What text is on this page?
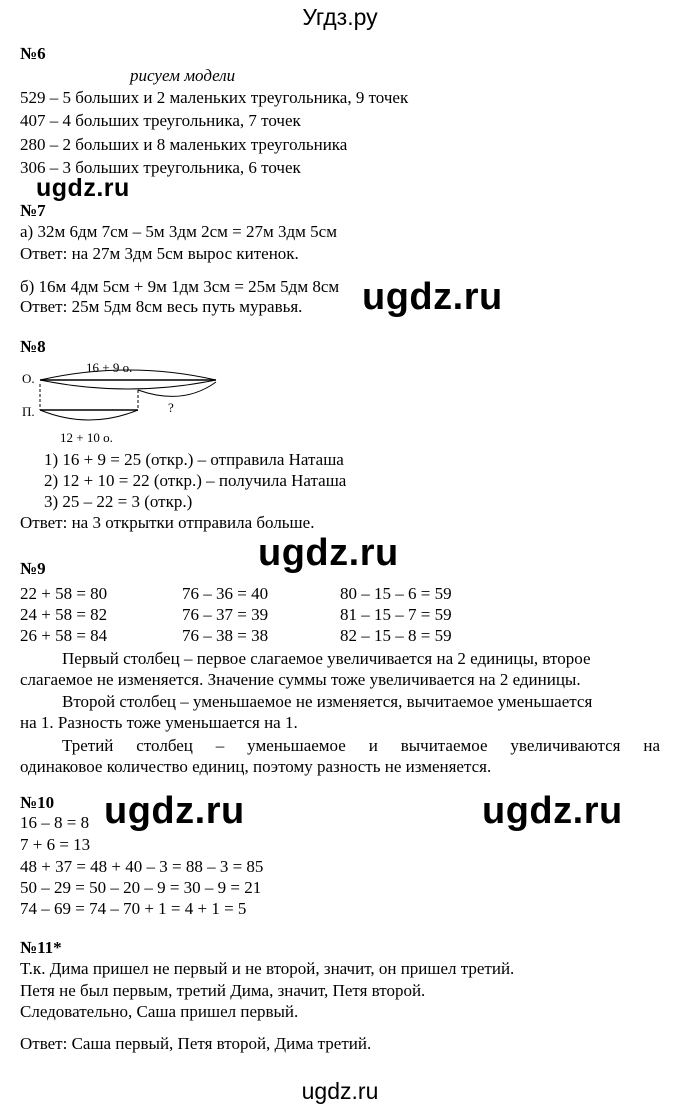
Угдз.ру
№6
рисуем модели
529 – 5 больших и 2 маленьких треугольника, 9 точек
407 – 4 больших треугольника, 7 точек
280 – 2 больших и 8 маленьких треугольника
306 – 3 больших треугольника, 6 точек
ugdz.ru
№7
а) 32м 6дм 7см – 5м 3дм 2см = 27м 3дм 5см
Ответ: на 27м 3дм 5см вырос китенок.
б) 16м 4дм 5см + 9м 1дм 3см = 25м 5дм 8см
Ответ: 25м 5дм 8см весь путь муравья. ugdz.ru
№8
О.
16 + 9 о.
?
П.
12 + 10 о.
1) 16 + 9 = 25 (откр.) – отправила Наташа
2) 12 + 10 = 22 (откр.) – получила Наташа
3) 25 – 22 = 3 (откр.)
Ответ: на 3 открытки отправила больше.
ugdz.ru
№9
22 + 58 = 80
24 + 58 = 82
26 + 58 = 84
76 – 36 = 40
76 – 37 = 39
76 – 38 = 38
80 – 15 – 6 = 59
81 – 15 – 7 = 59
82 – 15 – 8 = 59
Первый столбец – первое слагаемое увеличивается на 2 единицы, второе
слагаемое не изменяется. Значение суммы тоже увеличивается на 2 единицы.
Второй столбец – уменьшаемое не изменяется, вычитаемое уменьшается
на 1. Разность тоже уменьшается на 1.
Третий столбец – уменьшаемое и вычитаемое увеличиваются на
одинаковое количество единиц, поэтому разность не изменяется.
№10
16 – 8 = 8
7 + 6 = 13
48 + 37 = 48 + 40 – 3 = 88 – 3 = 85
50 – 29 = 50 – 20 – 9 = 30 – 9 = 21
74 – 69 = 74 – 70 + 1 = 4 + 1 = 5
ugdz.ru	ugdz.ru
№11*
Т.к. Дима пришел не первый и не второй, значит, он пришел третий.
Петя не был первым, третий Дима, значит, Петя второй.
Следовательно, Саша пришел первый.
Ответ: Саша первый, Петя второй, Дима третий.
ugdz.ru
